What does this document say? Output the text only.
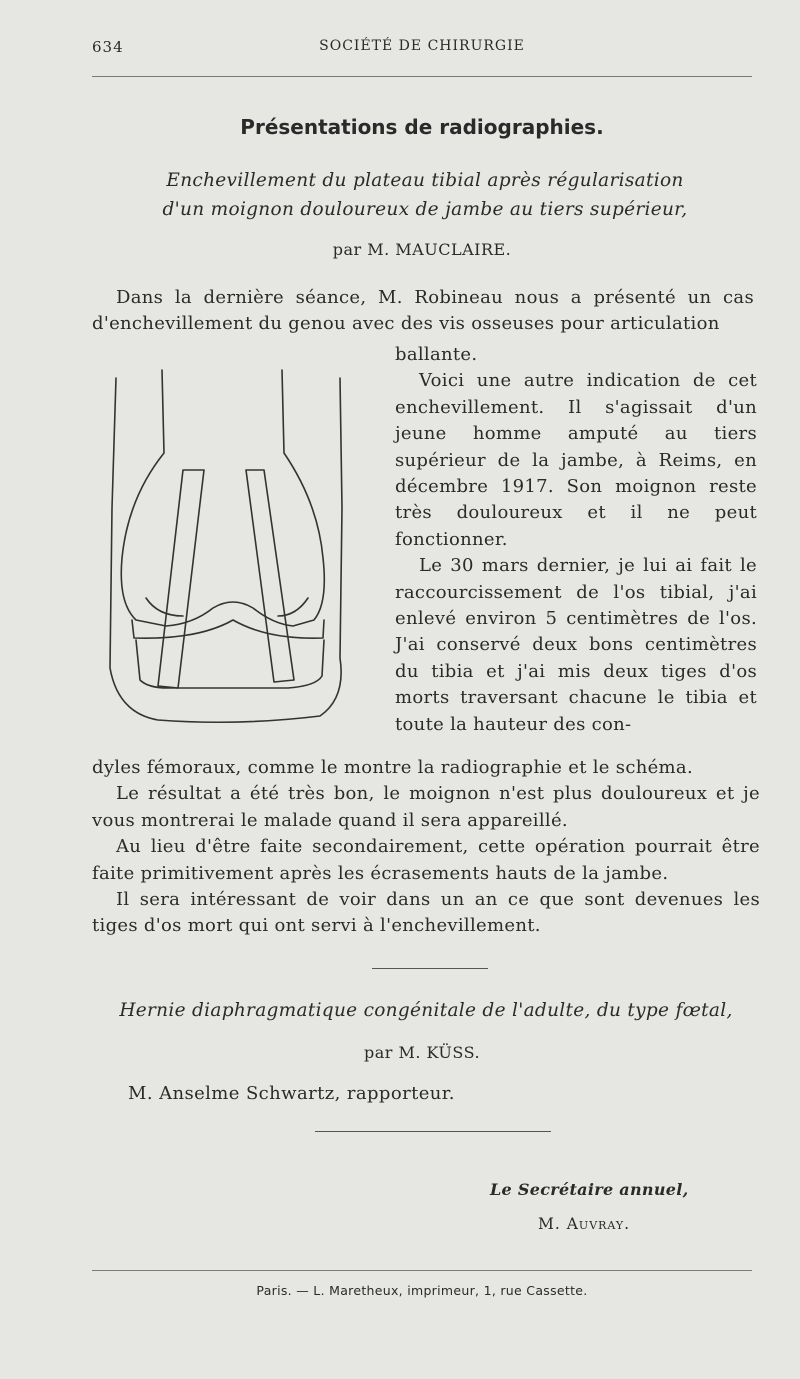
634	SOCIÉTÉ DE CHIRURGIE
Présentations de radiographies.
Enchevillement du plateau tibial après régularisation
d'un moignon douloureux de jambe au tiers supérieur,
par M. MAUCLAIRE.

Dans la dernière séance, M. Robineau nous a présenté un cas d'enchevillement du genou avec des vis osseuses pour articulation

ballante.

Voici une autre indication de cet enchevillement. Il s'agissait d'un jeune homme amputé au tiers supérieur de la jambe, à Reims, en décembre 1917. Son moignon reste très douloureux et il ne peut fonctionner.

Le 30 mars dernier, je lui ai fait le raccourcissement de l'os tibial, j'ai enlevé environ 5 centimètres de l'os. J'ai conservé deux bons centimètres du tibia et j'ai mis deux tiges d'os morts traversant chacune le tibia et toute la hauteur des con-

dyles fémoraux, comme le montre la radiographie et le schéma.

Le résultat a été très bon, le moignon n'est plus douloureux et je vous montrerai le malade quand il sera appareillé.

Au lieu d'être faite secondairement, cette opération pourrait être faite primitivement après les écrasements hauts de la jambe.

Il sera intéressant de voir dans un an ce que sont devenues les tiges d'os mort qui ont servi à l'enchevillement.

Hernie diaphragmatique congénitale de l'adulte, du type fœtal,
par M. KÜSS.
M. Anselme Schwartz, rapporteur.
Le Secrétaire annuel,
M. Auvray.
Paris. — L. Maretheux, imprimeur, 1, rue Cassette.
